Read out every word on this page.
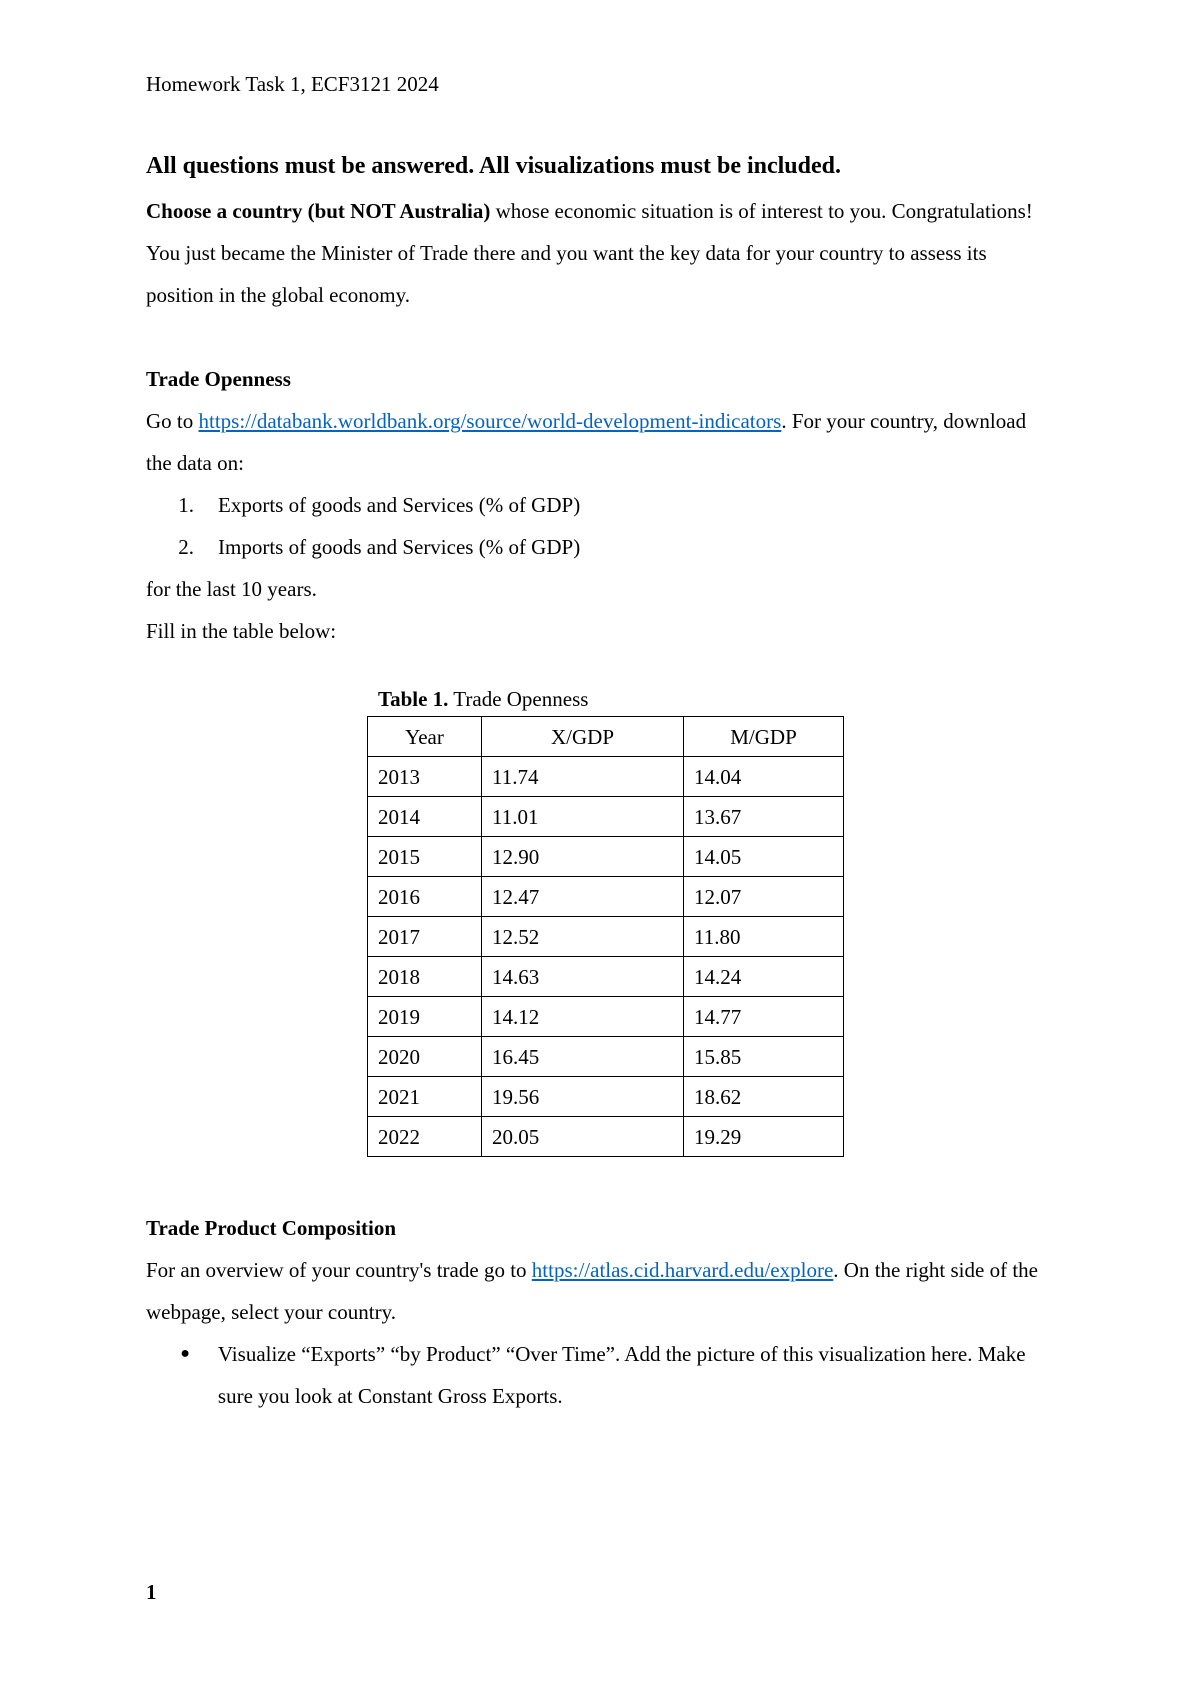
Homework Task 1, ECF3121 2024
All questions must be answered. All visualizations must be included.

Choose a country (but NOT Australia) whose economic situation is of interest to you. Congratulations! You just became the Minister of Trade there and you want the key data for your country to assess its position in the global economy.

Trade Openness

Go to https://databank.worldbank.org/source/world-development-indicators. For your country, download the data on:

1.	Exports of goods and Services (% of GDP)
2.	Imports of goods and Services (% of GDP)

for the last 10 years.

Fill in the table below:

Table 1. Trade Openness
Year	X/GDP	M/GDP
2013	11.74	14.04
2014	11.01	13.67
2015	12.90	14.05
2016	12.47	12.07
2017	12.52	11.80
2018	14.63	14.24
2019	14.12	14.77
2020	16.45	15.85
2021	19.56	18.62
2022	20.05	19.29
Trade Product Composition

For an overview of your country's trade go to https://atlas.cid.harvard.edu/explore. On the right side of the webpage, select your country.

●	Visualize “Exports” “by Product” “Over Time”. Add the picture of this visualization here. Make sure you look at Constant Gross Exports.
1
